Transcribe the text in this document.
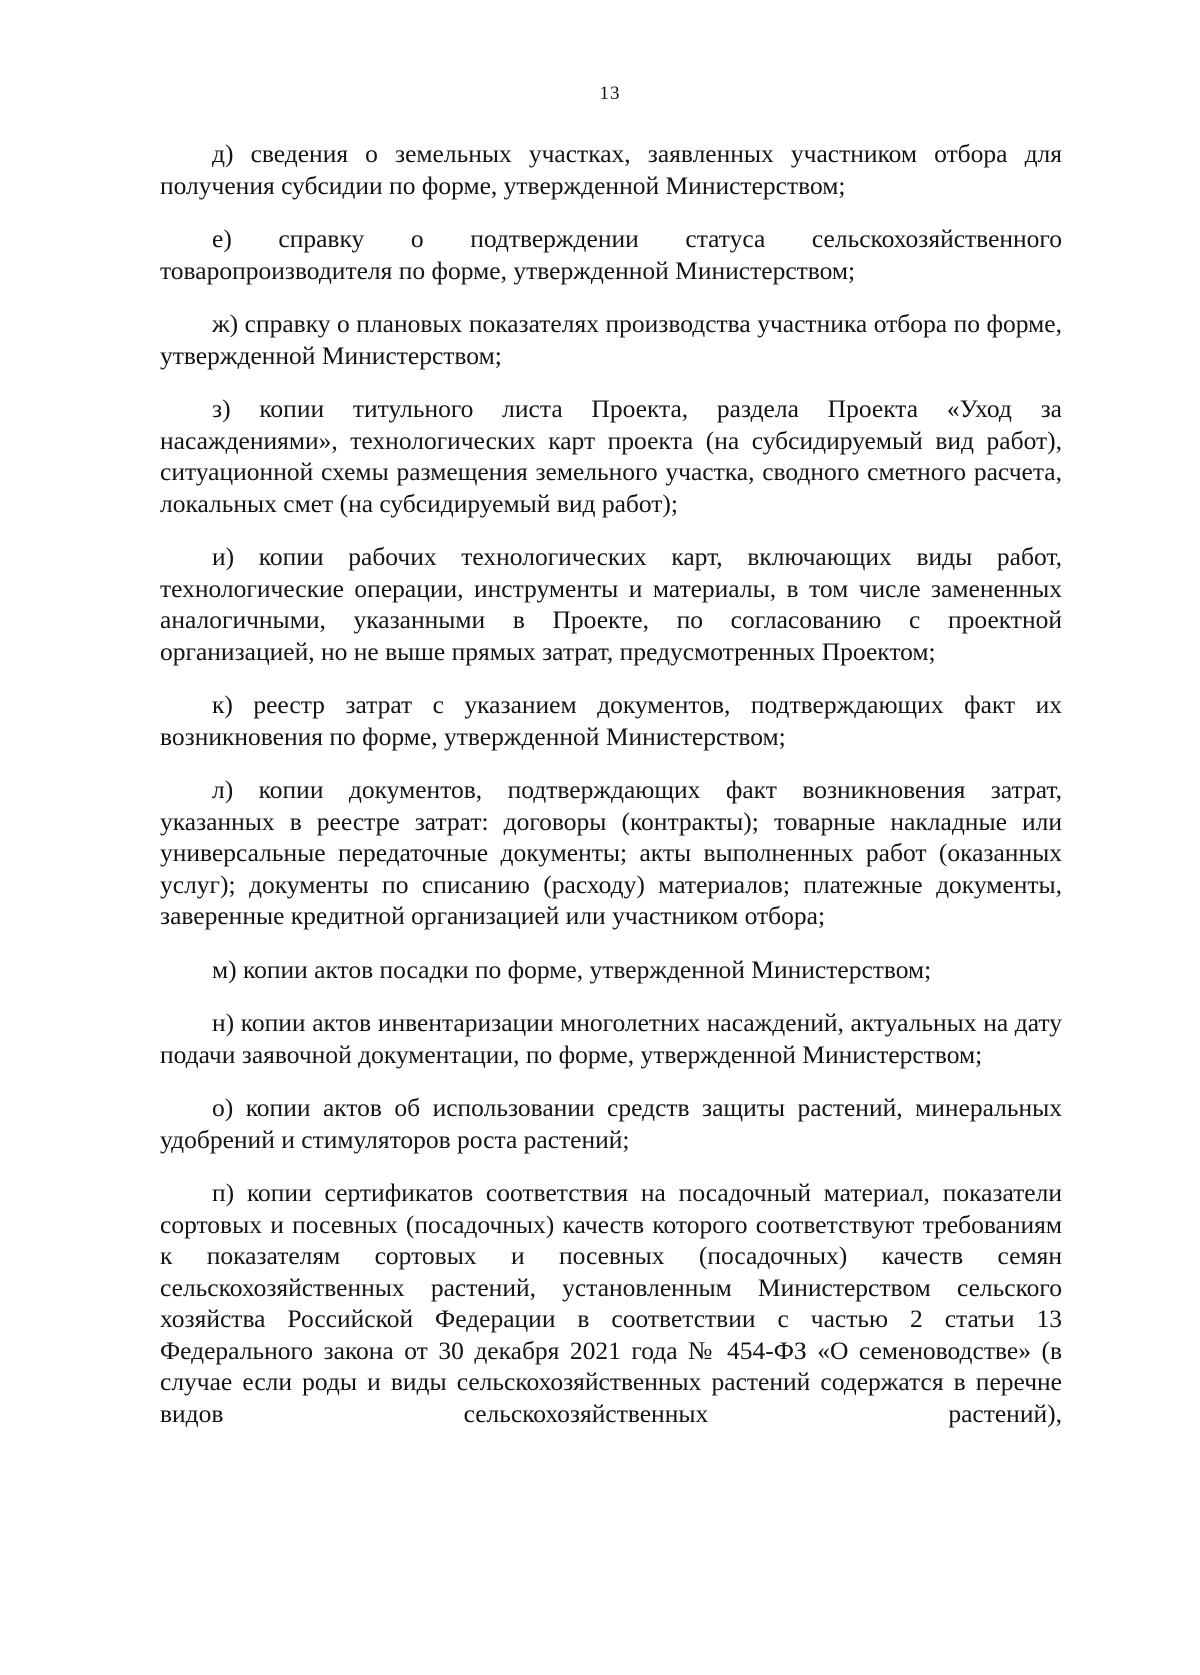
13

д) сведения о земельных участках, заявленных участником отбора для получения субсидии по форме, утвержденной Министерством;

е) справку о подтверждении статуса сельскохозяйственного товаропроизводителя по форме, утвержденной Министерством;

ж) справку о плановых показателях производства участника отбора по форме, утвержденной Министерством;

з) копии титульного листа Проекта, раздела Проекта «Уход за насаждениями», технологических карт проекта (на субсидируемый вид работ), ситуационной схемы размещения земельного участка, сводного сметного расчета, локальных смет (на субсидируемый вид работ);

и) копии рабочих технологических карт, включающих виды работ, технологические операции, инструменты и материалы, в том числе замененных аналогичными, указанными в Проекте, по согласованию с проектной организацией, но не выше прямых затрат, предусмотренных Проектом;

к) реестр затрат с указанием документов, подтверждающих факт их возникновения по форме, утвержденной Министерством;

л) копии документов, подтверждающих факт возникновения затрат, указанных в реестре затрат: договоры (контракты); товарные накладные или универсальные передаточные документы; акты выполненных работ (оказанных услуг); документы по списанию (расходу) материалов; платежные документы, заверенные кредитной организацией или участником отбора;

м) копии актов посадки по форме, утвержденной Министерством;

н) копии актов инвентаризации многолетних насаждений, актуальных на дату подачи заявочной документации, по форме, утвержденной Министерством;

о) копии актов об использовании средств защиты растений, минеральных удобрений и стимуляторов роста растений;

п) копии сертификатов соответствия на посадочный материал, показатели сортовых и посевных (посадочных) качеств которого соответствуют требованиям к показателям сортовых и посевных (посадочных) качеств семян сельскохозяйственных растений, установленным Министерством сельского хозяйства Российской Федерации в соответствии с частью 2 статьи 13 Федерального закона от 30 декабря 2021 года № 454-ФЗ «О семеноводстве» (в случае если роды и виды сельскохозяйственных растений содержатся в перечне видов сельскохозяйственных растений),
